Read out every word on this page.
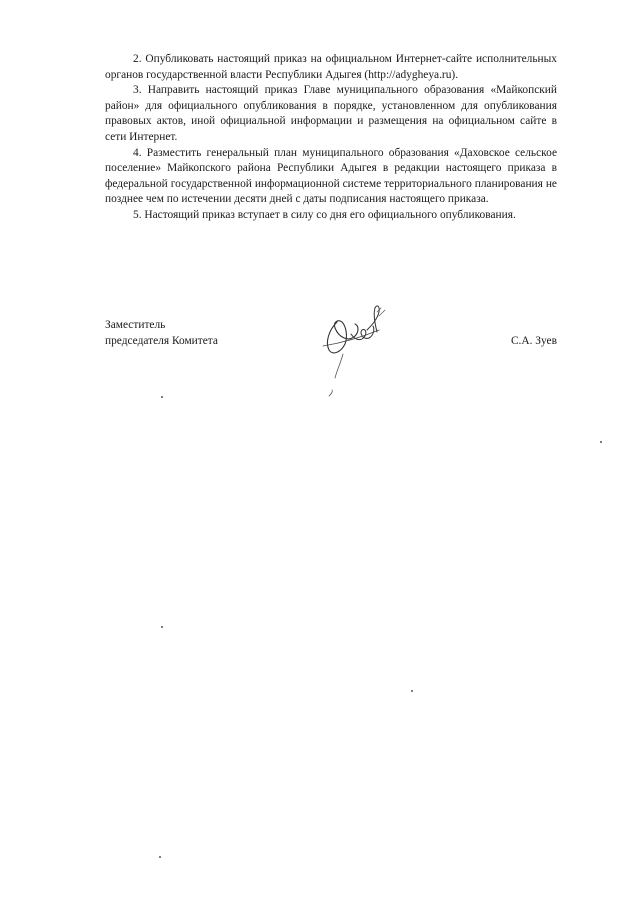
2. Опубликовать настоящий приказ на официальном Интернет-сайте исполнительных органов государственной власти Республики Адыгея (http://adygheya.ru).

3. Направить настоящий приказ Главе муниципального образования «Майкопский район» для официального опубликования в порядке, установленном для опубликования правовых актов, иной официальной информации и размещения на официальном сайте в сети Интернет.

4. Разместить генеральный план муниципального образования «Даховское сельское поселение» Майкопского района Республики Адыгея в редакции настоящего приказа в федеральной государственной информационной системе территориального планирования не позднее чем по истечении десяти дней с даты подписания настоящего приказа.

5. Настоящий приказ вступает в силу со дня его официального опубликования.

Заместитель
председателя Комитета	С.А. Зуев
